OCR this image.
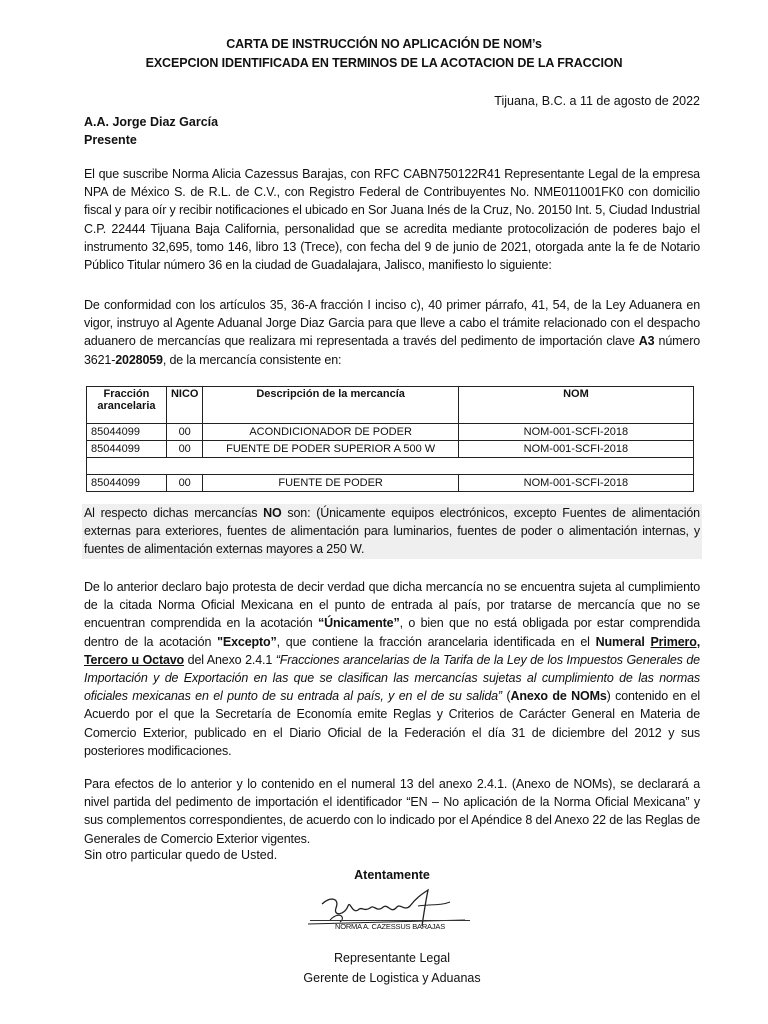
CARTA DE INSTRUCCIÓN NO APLICACIÓN DE NOM’s
EXCEPCION IDENTIFICADA EN TERMINOS DE LA ACOTACION DE LA FRACCION
Tijuana, B.C. a 11 de agosto de 2022
A.A. Jorge Diaz García
Presente
El que suscribe Norma Alicia Cazessus Barajas, con RFC CABN750122R41 Representante Legal de la empresa NPA de México S. de R.L. de C.V., con Registro Federal de Contribuyentes No. NME011001FK0 con domicilio fiscal y para oír y recibir notificaciones el ubicado en Sor Juana Inés de la Cruz, No. 20150 Int. 5, Ciudad Industrial C.P. 22444 Tijuana Baja California, personalidad que se acredita mediante protocolización de poderes bajo el instrumento 32,695, tomo 146, libro 13 (Trece), con fecha del 9 de junio de 2021, otorgada ante la fe de Notario Público Titular número 36 en la ciudad de Guadalajara, Jalisco, manifiesto lo siguiente:
De conformidad con los artículos 35, 36-A fracción I inciso c), 40 primer párrafo, 41, 54, de la Ley Aduanera en vigor, instruyo al Agente Aduanal Jorge Diaz Garcia para que lleve a cabo el trámite relacionado con el despacho aduanero de mercancías que realizara mi representada a través del pedimento de importación clave A3 número 3621-2028059, de la mercancía consistente en:
Fracción arancelaria	NICO	Descripción de la mercancía	NOM
85044099	00	ACONDICIONADOR DE PODER	NOM-001-SCFI-2018
85044099	00	FUENTE DE PODER SUPERIOR A 500 W	NOM-001-SCFI-2018

85044099	00	FUENTE DE PODER	NOM-001-SCFI-2018
Al respecto dichas mercancías NO son: (Únicamente equipos electrónicos, excepto Fuentes de alimentación externas para exteriores, fuentes de alimentación para luminarios, fuentes de poder o alimentación internas, y fuentes de alimentación externas mayores a 250 W.
De lo anterior declaro bajo protesta de decir verdad que dicha mercancía no se encuentra sujeta al cumplimiento de la citada Norma Oficial Mexicana en el punto de entrada al país, por tratarse de mercancía que no se encuentran comprendida en la acotación “Únicamente”, o bien que no está obligada por estar comprendida dentro de la acotación "Excepto”, que contiene la fracción arancelaria identificada en el Numeral Primero, Tercero u Octavo del Anexo 2.4.1 “Fracciones arancelarias de la Tarifa de la Ley de los Impuestos Generales de Importación y de Exportación en las que se clasifican las mercancías sujetas al cumplimiento de las normas oficiales mexicanas en el punto de su entrada al país, y en el de su salida” (Anexo de NOMs) contenido en el Acuerdo por el que la Secretaría de Economía emite Reglas y Criterios de Carácter General en Materia de Comercio Exterior, publicado en el Diario Oficial de la Federación el día 31 de diciembre del 2012 y sus posteriores modificaciones.
Para efectos de lo anterior y lo contenido en el numeral 13 del anexo 2.4.1. (Anexo de NOMs), se declarará a nivel partida del pedimento de importación el identificador “EN – No aplicación de la Norma Oficial Mexicana” y sus complementos correspondientes, de acuerdo con lo indicado por el Apéndice 8 del Anexo 22 de las Reglas de Generales de Comercio Exterior vigentes.
Sin otro particular quedo de Usted.
Atentamente
NORMA A. CAZESSUS BARAJAS
Representante Legal
Gerente de Logistica y Aduanas
